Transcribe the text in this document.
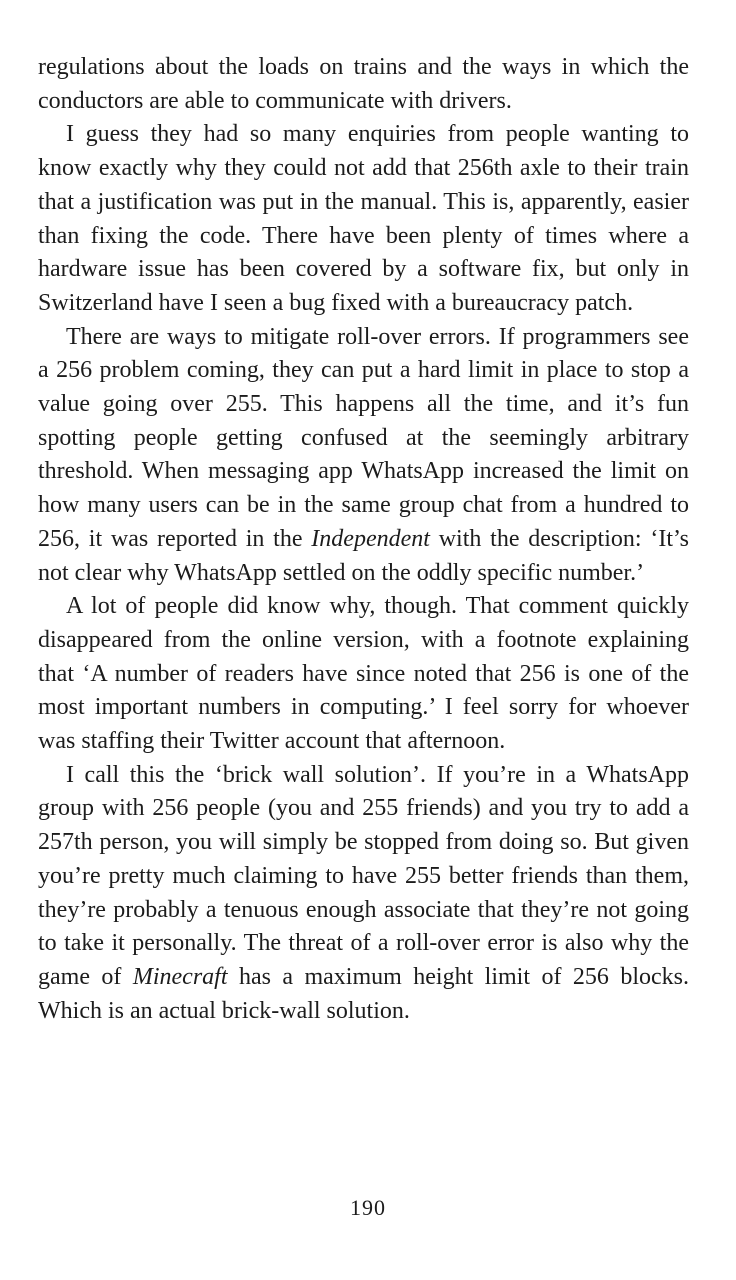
regulations about the loads on trains and the ways in which the conductors are able to communicate with drivers.

I guess they had so many enquiries from people wanting to know exactly why they could not add that 256th axle to their train that a justification was put in the manual. This is, apparently, easier than fixing the code. There have been plenty of times where a hardware issue has been covered by a software fix, but only in Switzerland have I seen a bug fixed with a bureaucracy patch.

There are ways to mitigate roll-over errors. If programmers see a 256 problem coming, they can put a hard limit in place to stop a value going over 255. This happens all the time, and it’s fun spotting people getting confused at the seemingly arbitrary threshold. When messaging app WhatsApp increased the limit on how many users can be in the same group chat from a hundred to 256, it was reported in the Independent with the description: ‘It’s not clear why WhatsApp settled on the oddly specific number.’

A lot of people did know why, though. That comment quickly disappeared from the online version, with a footnote explaining that ‘A number of readers have since noted that 256 is one of the most important numbers in computing.’ I feel sorry for whoever was staffing their Twitter account that afternoon.

I call this the ‘brick wall solution’. If you’re in a WhatsApp group with 256 people (you and 255 friends) and you try to add a 257th person, you will simply be stopped from doing so. But given you’re pretty much claiming to have 255 better friends than them, they’re probably a tenuous enough associate that they’re not going to take it personally. The threat of a roll-over error is also why the game of Minecraft has a maximum height limit of 256 blocks. Which is an actual brick-wall solution.

190
